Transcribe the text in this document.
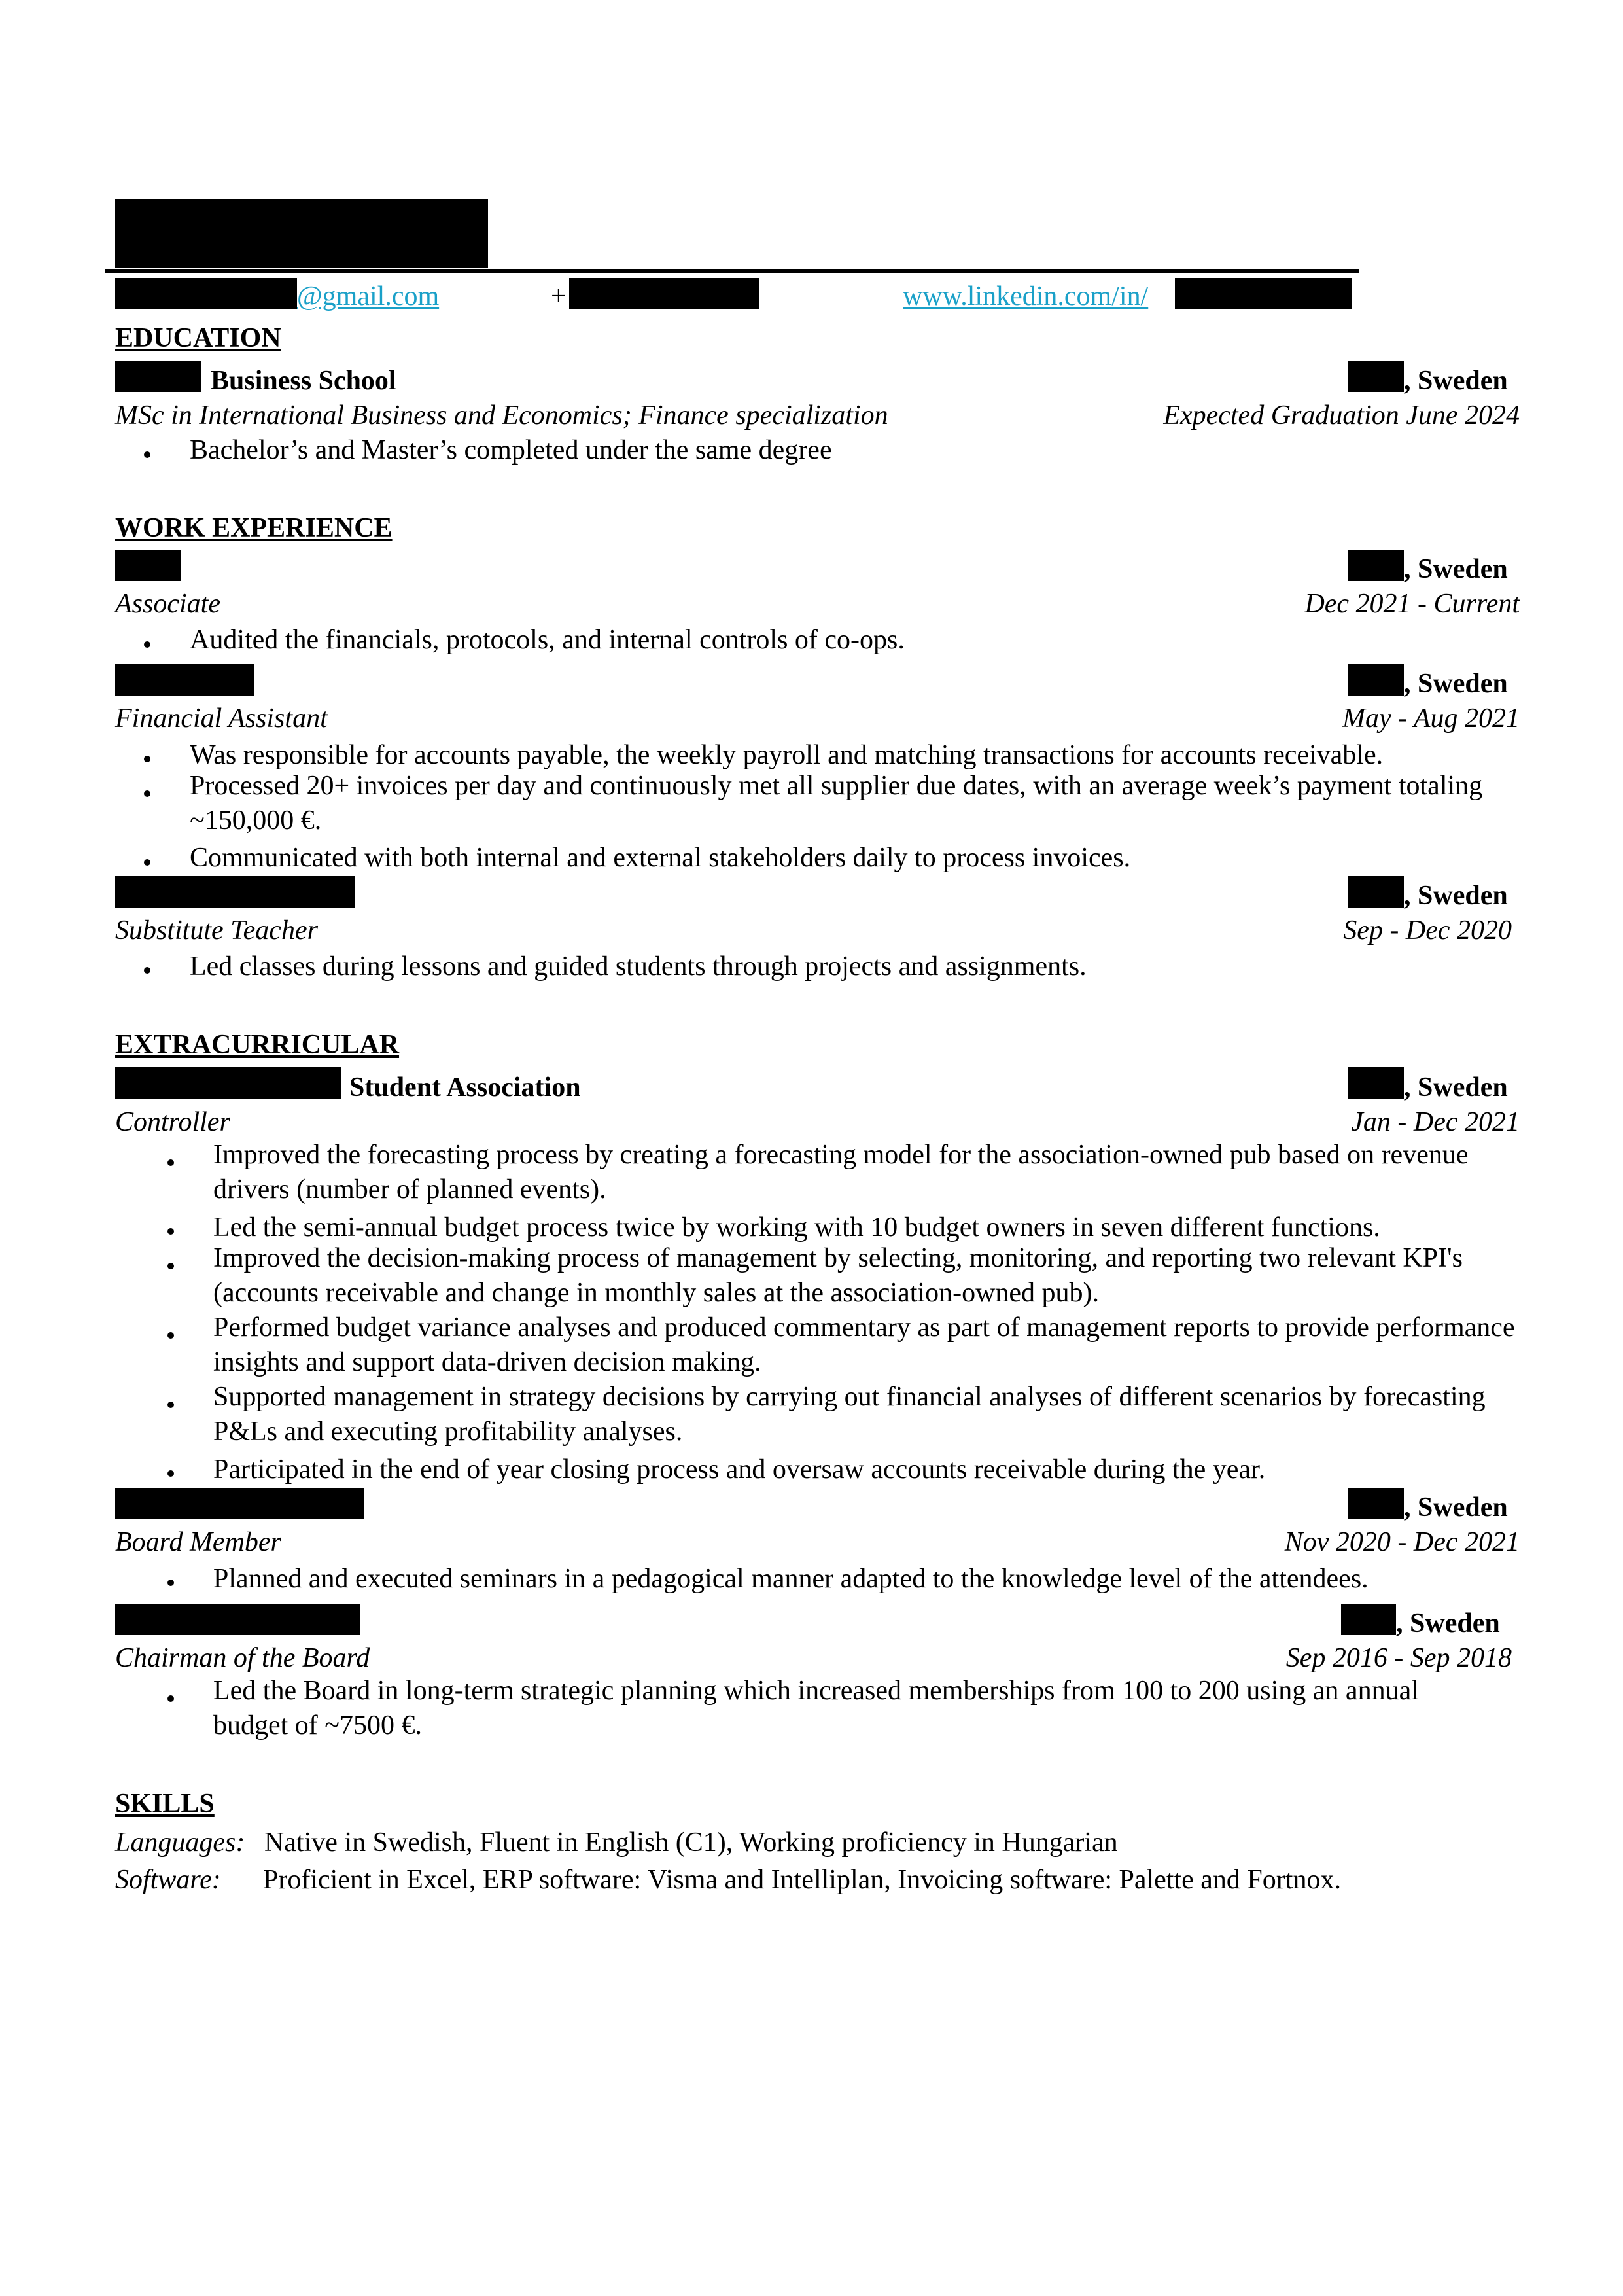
@gmail.com	+	www.linkedin.com/in/
EDUCATION
Business School	, Sweden
MSc in International Business and Economics; Finance specialization	Expected Graduation June 2024
Bachelor’s and Master’s completed under the same degree
WORK EXPERIENCE
, Sweden
Associate	Dec 2021 - Current
Audited the financials, protocols, and internal controls of co-ops.
, Sweden
Financial Assistant	May - Aug 2021
Was responsible for accounts payable, the weekly payroll and matching transactions for accounts receivable.
Processed 20+ invoices per day and continuously met all supplier due dates, with an average week’s payment totaling ~150,000 €.
Communicated with both internal and external stakeholders daily to process invoices.
, Sweden
Substitute Teacher	Sep - Dec 2020
Led classes during lessons and guided students through projects and assignments.
EXTRACURRICULAR
Student Association	, Sweden
Controller	Jan - Dec 2021
Improved the forecasting process by creating a forecasting model for the association-owned pub based on revenue drivers (number of planned events).
Led the semi-annual budget process twice by working with 10 budget owners in seven different functions.
Improved the decision-making process of management by selecting, monitoring, and reporting two relevant KPI's (accounts receivable and change in monthly sales at the association-owned pub).
Performed budget variance analyses and produced commentary as part of management reports to provide performance insights and support data-driven decision making.
Supported management in strategy decisions by carrying out financial analyses of different scenarios by forecasting P&Ls and executing profitability analyses.
Participated in the end of year closing process and oversaw accounts receivable during the year.
, Sweden
Board Member	Nov 2020 - Dec 2021
Planned and executed seminars in a pedagogical manner adapted to the knowledge level of the attendees.
, Sweden
Chairman of the Board	Sep 2016 - Sep 2018
Led the Board in long-term strategic planning which increased memberships from 100 to 200 using an annual budget of ~7500 €.
SKILLS
Languages: Native in Swedish, Fluent in English (C1), Working proficiency in Hungarian
Software: Proficient in Excel, ERP software: Visma and Intelliplan, Invoicing software: Palette and Fortnox.
